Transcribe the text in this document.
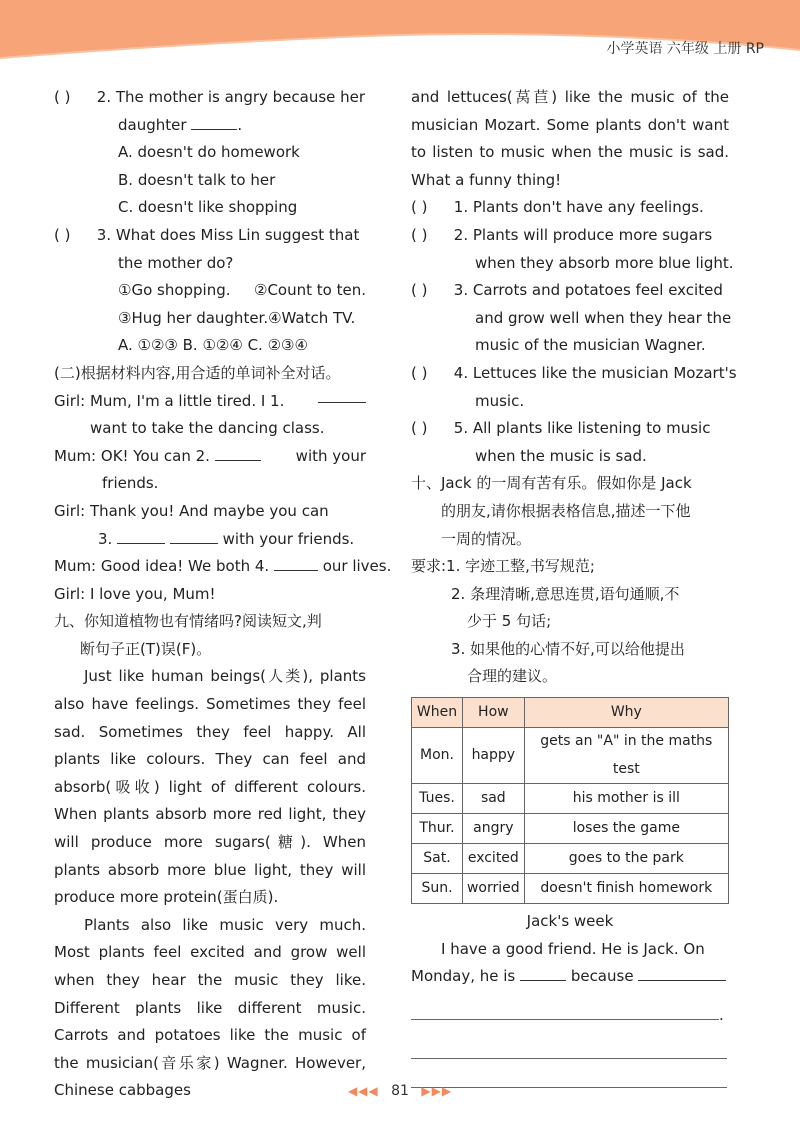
小学英语 六年级 上册 RP
( ) 2. The mother is angry because her
daughter	.
A. doesn't do homework
B. doesn't talk to her
C. doesn't like shopping
( ) 3. What does Miss Lin suggest that
the mother do?
①Go shopping. ②Count to ten.
③Hug her daughter.④Watch TV.
A. ①②③ B. ①②④ C. ②③④
(二)根据材料内容,用合适的单词补全对话。
Girl: Mum, I'm a little tired. I 1.
want to take the dancing class.
Mum: OK! You can 2.	with your
friends.
Girl: Thank you! And maybe you can
3.	with your friends.
Mum: Good idea! We both 4.	our lives.
Girl: I love you, Mum!
九、你知道植物也有情绪吗?阅读短文,判
断句子正(T)误(F)。
Just like human beings(人类), plants also have feelings. Sometimes they feel sad. Sometimes they feel happy. All plants like colours. They can feel and absorb(吸收) light of different colours. When plants absorb more red light, they will produce more sugars(糖). When plants absorb more blue light, they will produce more protein(蛋白质).
Plants also like music very much. Most plants feel excited and grow well when they hear the music they like. Different plants like different music. Carrots and potatoes like the music of the musician(音乐家) Wagner. However, Chinese cabbages
and lettuces(莴苣) like the music of the musician Mozart. Some plants don't want to listen to music when the music is sad. What a funny thing!
( ) 1. Plants don't have any feelings.
( ) 2. Plants will produce more sugars
when they absorb more blue light.
( ) 3. Carrots and potatoes feel excited
and grow well when they hear the
music of the musician Wagner.
( ) 4. Lettuces like the musician Mozart's
music.
( ) 5. All plants like listening to music
when the music is sad.
十、Jack 的一周有苦有乐。假如你是 Jack
的朋友,请你根据表格信息,描述一下他
一周的情况。
要求:1. 字迹工整,书写规范;
2. 条理清晰,意思连贯,语句通顺,不
少于 5 句话;
3. 如果他的心情不好,可以给他提出
合理的建议。
When	How	Why
Mon.	happy	gets an "A" in the maths test
Tues.	sad	his mother is ill
Thur.	angry	loses the game
Sat.	excited	goes to the park
Sun.	worried	doesn't finish homework
Jack's week
I have a good friend. He is Jack. On
Monday, he is	because
.
◀◀◀ 81 ▶▶▶
